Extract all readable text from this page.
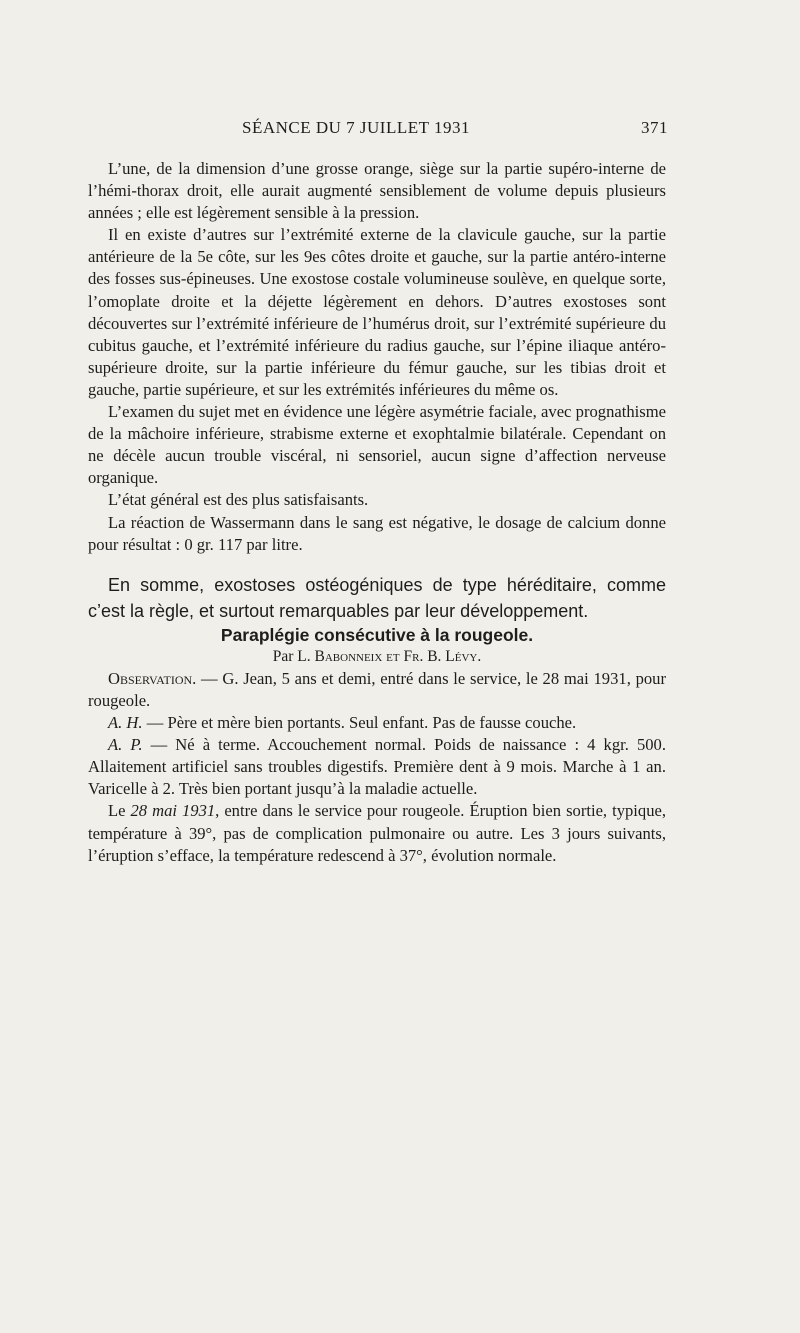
SÉANCE DU 7 JUILLET 1931	371

L’une, de la dimension d’une grosse orange, siège sur la partie supéro-interne de l’hémi-thorax droit, elle aurait augmenté sensiblement de volume depuis plusieurs années ; elle est légèrement sensible à la pression.

Il en existe d’autres sur l’extrémité externe de la clavicule gauche, sur la partie antérieure de la 5e côte, sur les 9es côtes droite et gauche, sur la partie antéro-interne des fosses sus-épineuses. Une exostose costale volumineuse soulève, en quelque sorte, l’omoplate droite et la déjette légèrement en dehors. D’autres exostoses sont découvertes sur l’extrémité inférieure de l’humérus droit, sur l’extrémité supérieure du cubitus gauche, et l’extrémité inférieure du radius gauche, sur l’épine iliaque antéro-supérieure droite, sur la partie inférieure du fémur gauche, sur les tibias droit et gauche, partie supérieure, et sur les extrémités inférieures du même os.

L’examen du sujet met en évidence une légère asymétrie faciale, avec prognathisme de la mâchoire inférieure, strabisme externe et exophtalmie bilatérale. Cependant on ne décèle aucun trouble viscéral, ni sensoriel, aucun signe d’affection nerveuse organique.

L’état général est des plus satisfaisants.

La réaction de Wassermann dans le sang est négative, le dosage de calcium donne pour résultat : 0 gr. 117 par litre.

En somme, exostoses ostéogéniques de type héréditaire, comme c’est la règle, et surtout remarquables par leur développement.

Paraplégie consécutive à la rougeole.

Par L. Babonneix et Fr. B. Lévy.

Observation. — G. Jean, 5 ans et demi, entré dans le service, le 28 mai 1931, pour rougeole.

A. H. — Père et mère bien portants. Seul enfant. Pas de fausse couche.

A. P. — Né à terme. Accouchement normal. Poids de naissance : 4 kgr. 500. Allaitement artificiel sans troubles digestifs. Première dent à 9 mois. Marche à 1 an. Varicelle à 2. Très bien portant jusqu’à la maladie actuelle.

Le 28 mai 1931, entre dans le service pour rougeole. Éruption bien sortie, typique, température à 39°, pas de complication pulmonaire ou autre. Les 3 jours suivants, l’éruption s’efface, la température redescend à 37°, évolution normale.
